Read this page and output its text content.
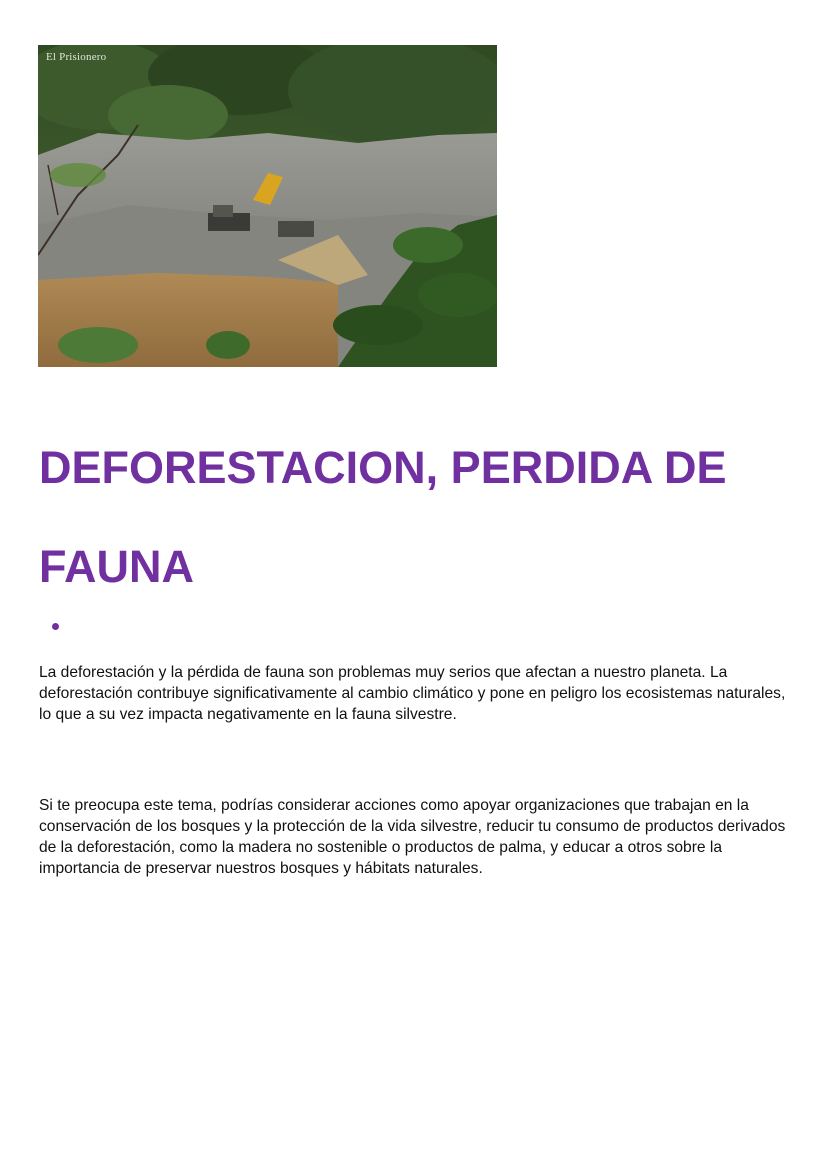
El Prisionero
DEFORESTACION, PERDIDA DE FAUNA

La deforestación y la pérdida de fauna son problemas muy serios que afectan a nuestro planeta. La deforestación contribuye significativamente al cambio climático y pone en peligro los ecosistemas naturales, lo que a su vez impacta negativamente en la fauna silvestre.

Si te preocupa este tema, podrías considerar acciones como apoyar organizaciones que trabajan en la conservación de los bosques y la protección de la vida silvestre, reducir tu consumo de productos derivados de la deforestación, como la madera no sostenible o productos de palma, y educar a otros sobre la importancia de preservar nuestros bosques y hábitats naturales.
